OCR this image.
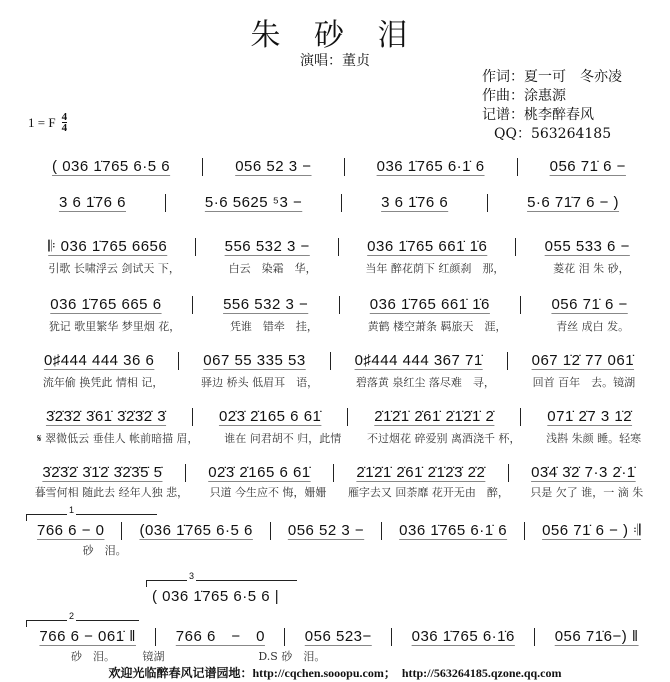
朱 砂 泪
演唱：董贞
作词：夏一可　冬亦凌
作曲：涂惠源
记谱：桃李醉春风
QQ：563264185
1 = F $\frac{4}{4}$
( 036 1̇765 6·5 6	056 52 3 −	036 1̇765 6·1̇ 6	056 71̇ 6 −
3 6 1̇76 6	5·6 5625 ⁵3 −	3 6 1̇76 6	5·6 71̇7 6 − )
𝄆 036 1̇765 6656	556 532 3 −	036 1̇765 661̇ 1̇6	055 533 6 −
引歌 长啸浮云 剑试天 下，	白云　染霜　华，	当年 醉花荫下 红颜刹　那，	菱花 泪 朱 砂，
036 1̇765 665 6	556 532 3 −	036 1̇765 661̇ 1̇6	056 71̇ 6 −
犹记 歌里繁华 梦里烟 花，	凭谁　错牵　挂，	黄鹤 楼空萧条 羁旅天　涯，	青丝 成白 发。
0♯444 444 36 6	067 55 335 53	0♯444 444 367 71̇	067 1̇2̇ 77 061̇
流年偷 换凭此 情相 记，	驿边 桥头 低眉耳　语，	碧落黄 泉红尘 落尽难　寻，	回首 百年　去。镜湖
3̇2̇3̇2̇ 3̇61̇ 3̇2̇3̇2̇ 3̇	02̇3̇ 2̇165 6 61̇	2̇1̇2̇1̇ 2̇61̇ 2̇1̇2̇1̇ 2̇	071̇ 2̇7 3 1̇2̇
𝄋 翠微低云 垂佳人 帐前暗描 眉，	谁在 问君胡不 归，此情	不过烟花 碎爱别 离酒浇千 杯，	浅斟 朱颜 睡。轻寒
3̇2̇3̇2̇ 3̇1̇2̇ 3̇2̇3̇5̇ 5̇	02̇3̇ 2̇165 6 61̇	2̇1̇2̇1̇ 2̇61̇ 2̇1̇2̇3̇ 2̇2̇	03̇4̇ 3̇2̇ 7·3 2̇·1̇
暮雪何相 随此去 经年人独 悲，	只道 今生应不 悔，姗姗	雁字去又 回荼靡 花开无由　醉，	只是 欠了 谁，一 滴 朱
766 6 − 0	(036 1̇765 6·5 6	056 52 3 −	036 1̇765 6·1̇ 6	056 71̇ 6 − ) 𝄇
砂　泪。
1
766 6 − 061̇ ‖	766 6　−　0	056 523−	036 1̇765 6·1̇6	056 71̇6−) ‖
砂　泪。　　　镜湖	D.S 砂　泪。
2
3
( 036 1̇765 6·5 6 |
欢迎光临醉春风记谱园地：http://cqchen.sooopu.com；　http://563264185.qzone.qq.com
